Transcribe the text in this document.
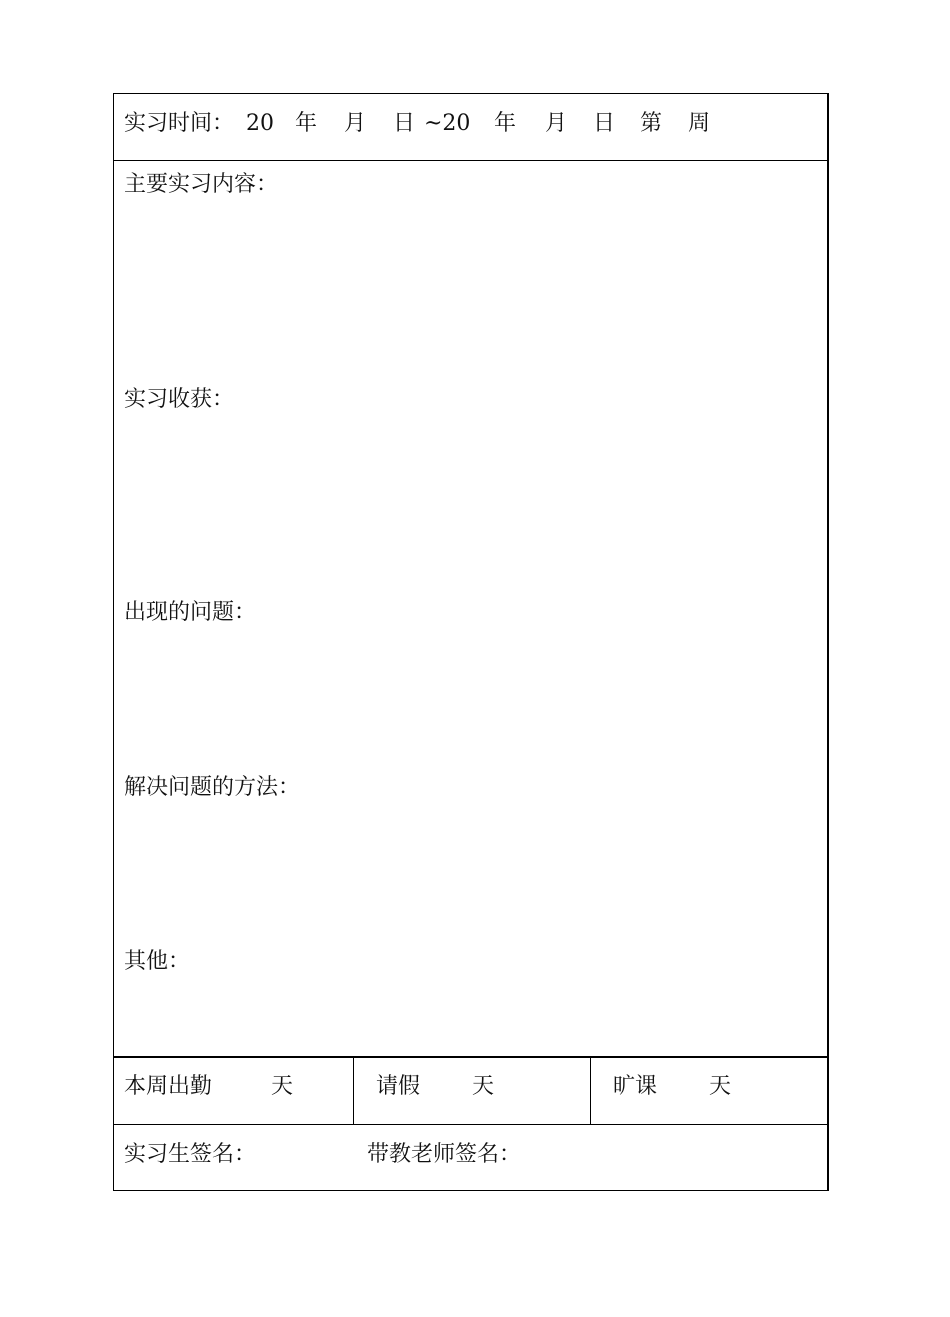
实习时间： 20 年 月 日 ~20 年 月 日 第 周
主要实习内容：
实习收获：
出现的问题：
解决问题的方法：
其他：
本周出勤	天	请假 天	旷课 天
实习生签名：	带教老师签名：
